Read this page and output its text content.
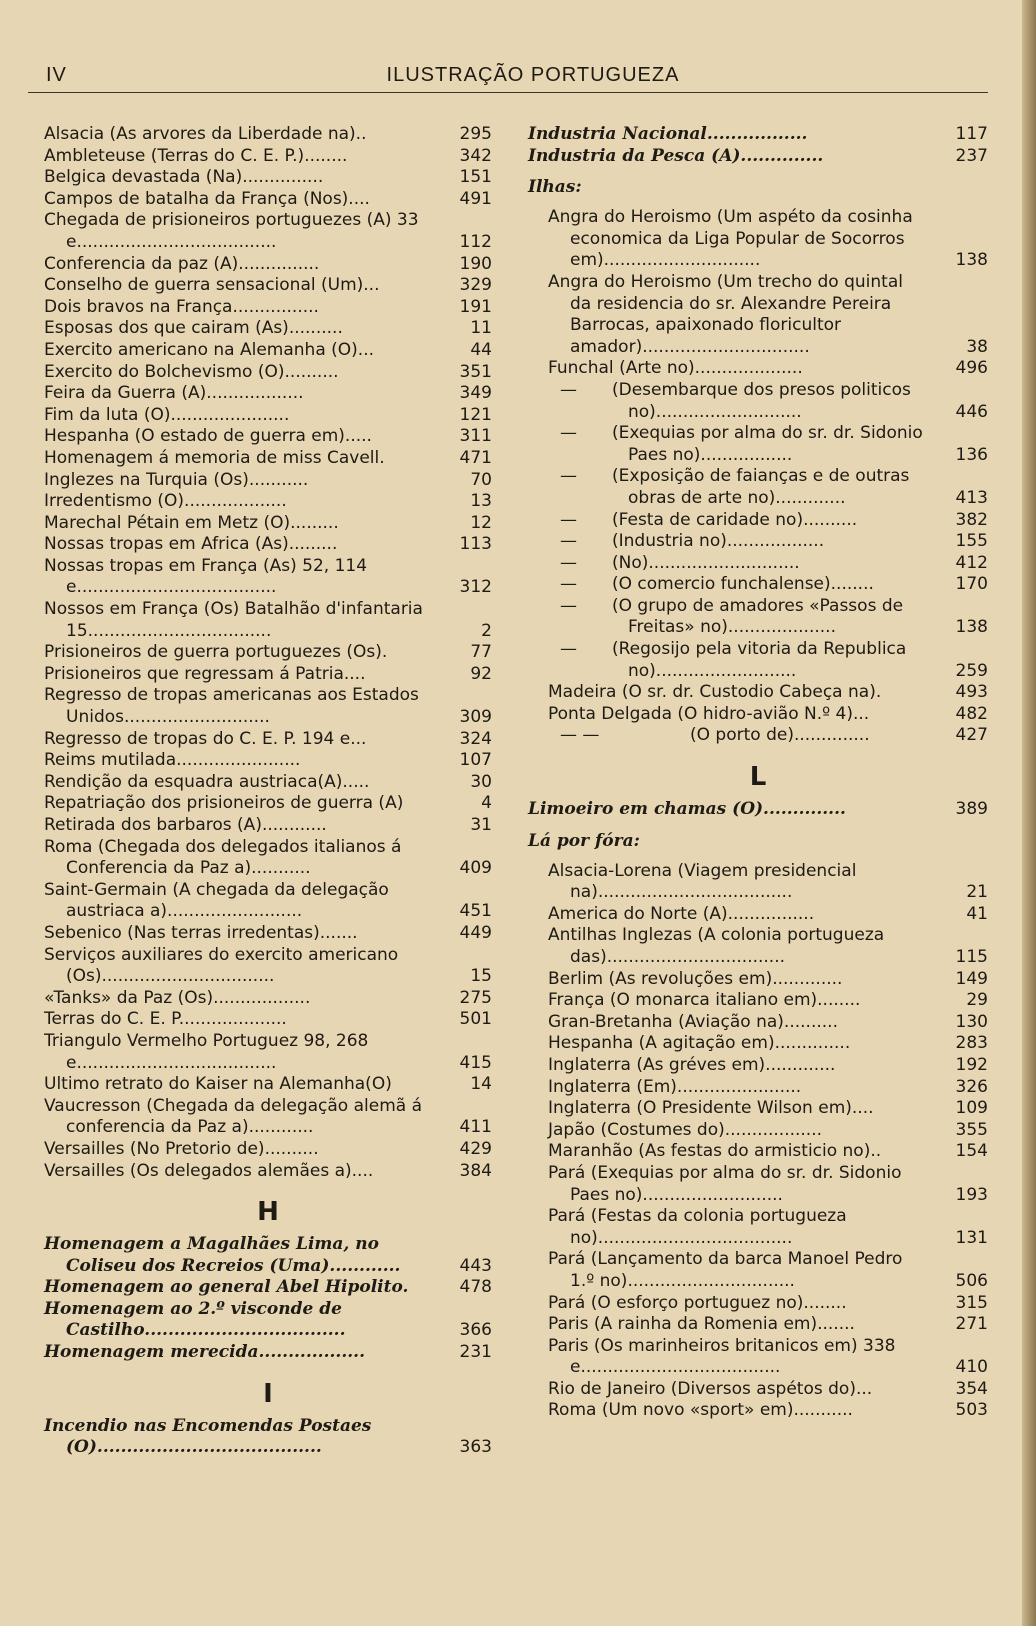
IV	ILUSTRAÇÃO PORTUGUEZA
Alsacia (As arvores da Liberdade na)..	295
Ambleteuse (Terras do C. E. P.)........	342
Belgica devastada (Na)...............	151
Campos de batalha da França (Nos)....	491
Chegada de prisioneiros portuguezes (A) 33 e.....................................	112
Conferencia da paz (A)...............	190
Conselho de guerra sensacional (Um)...	329
Dois bravos na França................	191
Esposas dos que cairam (As)..........	11
Exercito americano na Alemanha (O)...	44
Exercito do Bolchevismo (O)..........	351
Feira da Guerra (A)..................	349
Fim da luta (O)......................	121
Hespanha (O estado de guerra em).....	311
Homenagem á memoria de miss Cavell.	471
Inglezes na Turquia (Os)...........	70
Irredentismo (O)...................	13
Marechal Pétain em Metz (O).........	12
Nossas tropas em Africa (As).........	113
Nossas tropas em França (As) 52, 114 e.....................................	312
Nossos em França (Os) Batalhão d'infantaria 15..................................	2
Prisioneiros de guerra portuguezes (Os).	77
Prisioneiros que regressam á Patria....	92
Regresso de tropas americanas aos Estados Unidos...........................	309
Regresso de tropas do C. E. P. 194 e...	324
Reims mutilada.......................	107
Rendição da esquadra austriaca(A).....	30
Repatriação dos prisioneiros de guerra (A)	4
Retirada dos barbaros (A)............	31
Roma (Chegada dos delegados italianos á Conferencia da Paz a)...........	409
Saint-Germain (A chegada da delegação austriaca a).........................	451
Sebenico (Nas terras irredentas).......	449
Serviços auxiliares do exercito americano (Os)................................	15
«Tanks» da Paz (Os)..................	275
Terras do C. E. P....................	501
Triangulo Vermelho Portuguez 98, 268 e.....................................	415
Ultimo retrato do Kaiser na Alemanha(O)	14
Vaucresson (Chegada da delegação alemã á conferencia da Paz a)............	411
Versailles (No Pretorio de)..........	429
Versailles (Os delegados alemães a)....	384
H
Homenagem a Magalhães Lima, no Coliseu dos Recreios (Uma)............	443
Homenagem ao general Abel Hipolito.	478
Homenagem ao 2.º visconde de Castilho..................................	366
Homenagem merecida..................	231
I
Incendio nas Encomendas Postaes (O)......................................	363
Industria Nacional.................	117
Industria da Pesca (A)..............	237
Ilhas:
Angra do Heroismo (Um aspéto da cosinha economica da Liga Popular de Socorros em).............................	138
Angra do Heroismo (Um trecho do quintal da residencia do sr. Alexandre Pereira Barrocas, apaixonado floricultor amador)...............................	38
Funchal (Arte no)....................	496
— (Desembarque dos presos politicos no)...........................	446
— (Exequias por alma do sr. dr. Sidonio Paes no).................	136
— (Exposição de faianças e de outras obras de arte no).............	413
— (Festa de caridade no)..........	382
— (Industria no)..................	155
— (No)............................	412
— (O comercio funchalense)........	170
— (O grupo de amadores «Passos de Freitas» no)....................	138
— (Regosijo pela vitoria da Republica no)..........................	259
Madeira (O sr. dr. Custodio Cabeça na).	493
Ponta Delgada (O hidro-avião N.º 4)...	482
— —	(O porto de)..............	427
L
Limoeiro em chamas (O)..............	389
Lá por fóra:
Alsacia-Lorena (Viagem presidencial na)....................................	21
America do Norte (A)................	41
Antilhas Inglezas (A colonia portugueza das).................................	115
Berlim (As revoluções em).............	149
França (O monarca italiano em)........	29
Gran-Bretanha (Aviação na)..........	130
Hespanha (A agitação em)..............	283
Inglaterra (As gréves em).............	192
Inglaterra (Em).......................	326
Inglaterra (O Presidente Wilson em)....	109
Japão (Costumes do)..................	355
Maranhão (As festas do armisticio no)..	154
Pará (Exequias por alma do sr. dr. Sidonio Paes no)..........................	193
Pará (Festas da colonia portugueza no)....................................	131
Pará (Lançamento da barca Manoel Pedro 1.º no)...............................	506
Pará (O esforço portuguez no)........	315
Paris (A rainha da Romenia em).......	271
Paris (Os marinheiros britanicos em) 338 e.....................................	410
Rio de Janeiro (Diversos aspétos do)...	354
Roma (Um novo «sport» em)...........	503
